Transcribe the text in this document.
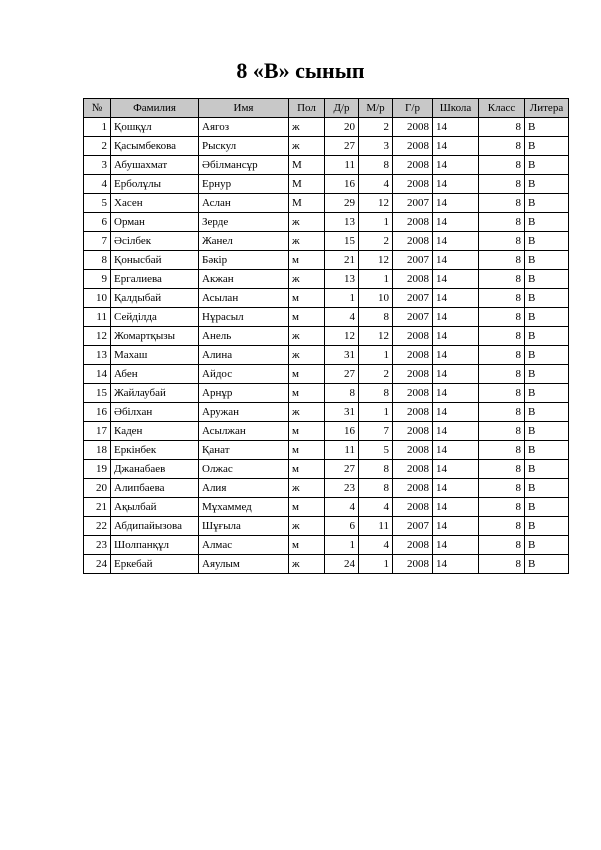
8 «В» сынып
№	Фамилия	Имя	Пол	Д/р	М/р	Г/р	Школа	Класс	Литера
1	Қошқұл	Аягоз	ж	20	2	2008	14	8	В
2	Қасымбекова	Рыскул	ж	27	3	2008	14	8	В
3	Абушахмат	Әбілмансұр	М	11	8	2008	14	8	В
4	Ерболұлы	Ернур	М	16	4	2008	14	8	В
5	Хасен	Аслан	М	29	12	2007	14	8	В
6	Орман	Зерде	ж	13	1	2008	14	8	В
7	Әсілбек	Жанел	ж	15	2	2008	14	8	В
8	Қонысбай	Бәкір	м	21	12	2007	14	8	В
9	Ергалиева	Акжан	ж	13	1	2008	14	8	В
10	Қалдыбай	Асылан	м	1	10	2007	14	8	В
11	Сейділда	Нұрасыл	м	4	8	2007	14	8	В
12	Жомартқызы	Анель	ж	12	12	2008	14	8	В
13	Махаш	Алина	ж	31	1	2008	14	8	В
14	Абен	Айдос	м	27	2	2008	14	8	В
15	Жайлаубай	Арнұр	м	8	8	2008	14	8	В
16	Әбілхан	Аружан	ж	31	1	2008	14	8	В
17	Каден	Асылжан	м	16	7	2008	14	8	В
18	Еркінбек	Қанат	м	11	5	2008	14	8	В
19	Джанабаев	Олжас	м	27	8	2008	14	8	В
20	Алипбаева	Алия	ж	23	8	2008	14	8	В
21	Ақылбай	Мұхаммед	м	4	4	2008	14	8	В
22	Абдипайызова	Шұғыла	ж	6	11	2007	14	8	В
23	Шолпанқұл	Алмас	м	1	4	2008	14	8	В
24	Еркебай	Аяулым	ж	24	1	2008	14	8	В
